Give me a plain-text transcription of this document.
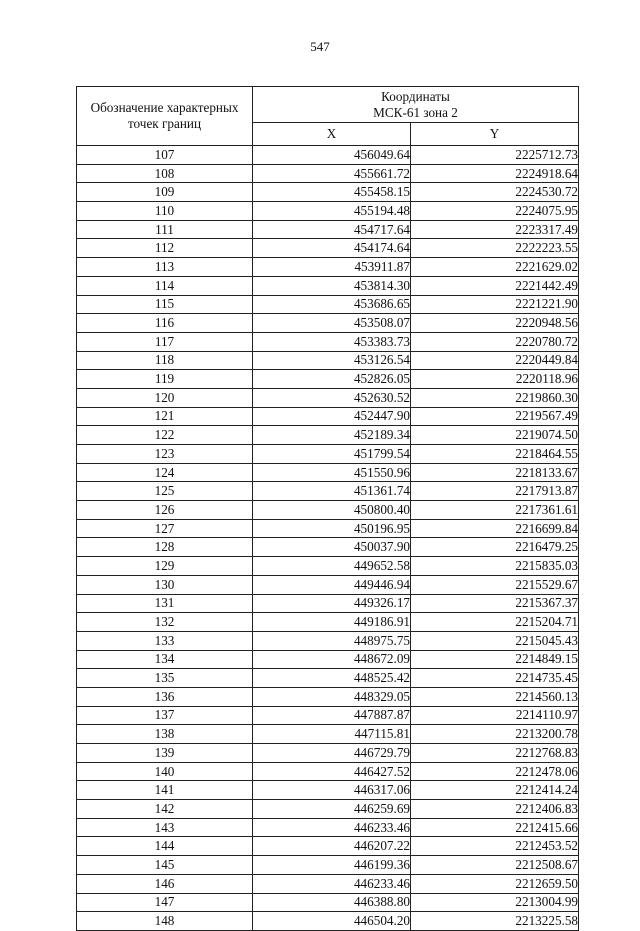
547
Обозначение характерных
точек границ	Координаты
МСК-61 зона 2	
	X	Y
107	456049.64	2225712.73
108	455661.72	2224918.64
109	455458.15	2224530.72
110	455194.48	2224075.95
111	454717.64	2223317.49
112	454174.64	2222223.55
113	453911.87	2221629.02
114	453814.30	2221442.49
115	453686.65	2221221.90
116	453508.07	2220948.56
117	453383.73	2220780.72
118	453126.54	2220449.84
119	452826.05	2220118.96
120	452630.52	2219860.30
121	452447.90	2219567.49
122	452189.34	2219074.50
123	451799.54	2218464.55
124	451550.96	2218133.67
125	451361.74	2217913.87
126	450800.40	2217361.61
127	450196.95	2216699.84
128	450037.90	2216479.25
129	449652.58	2215835.03
130	449446.94	2215529.67
131	449326.17	2215367.37
132	449186.91	2215204.71
133	448975.75	2215045.43
134	448672.09	2214849.15
135	448525.42	2214735.45
136	448329.05	2214560.13
137	447887.87	2214110.97
138	447115.81	2213200.78
139	446729.79	2212768.83
140	446427.52	2212478.06
141	446317.06	2212414.24
142	446259.69	2212406.83
143	446233.46	2212415.66
144	446207.22	2212453.52
145	446199.36	2212508.67
146	446233.46	2212659.50
147	446388.80	2213004.99
148	446504.20	2213225.58
